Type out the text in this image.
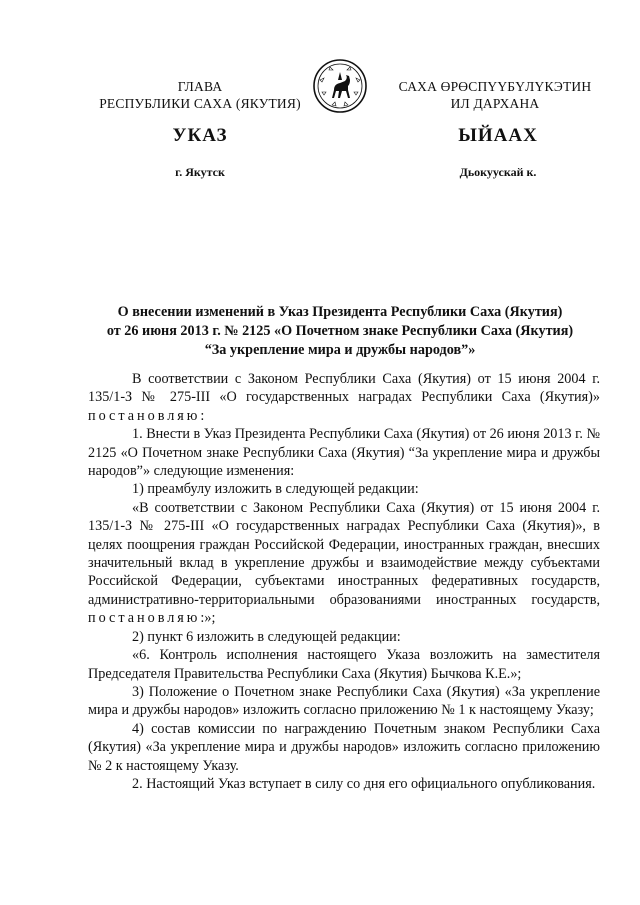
ГЛАВА
РЕСПУБЛИКИ САХА (ЯКУТИЯ)
САХА ӨРӨСПҮҮБҮЛҮКЭТИН
ИЛ ДАРХАНА
УКАЗ	ЫЙААХ
г. Якутск	Дьокуускай к.
О внесении изменений в Указ Президента Республики Саха (Якутия)
от 26 июня 2013 г. № 2125 «О Почетном знаке Республики Саха (Якутия)
“За укрепление мира и дружбы народов”»

В соответствии с Законом Республики Саха (Якутия) от 15 июня 2004 г. 135/1-З № 275-III «О государственных наградах Республики Саха (Якутия)» постановляю:

1. Внести в Указ Президента Республики Саха (Якутия) от 26 июня 2013 г. № 2125 «О Почетном знаке Республики Саха (Якутия) “За укрепление мира и дружбы народов”» следующие изменения:

1) преамбулу изложить в следующей редакции:

«В соответствии с Законом Республики Саха (Якутия) от 15 июня 2004 г. 135/1-З № 275-III «О государственных наградах Республики Саха (Якутия)», в целях поощрения граждан Российской Федерации, иностранных граждан, внесших значительный вклад в укрепление дружбы и взаимодействие между субъектами Российской Федерации, субъектами иностранных федеративных государств, административно-территориальными образованиями иностранных государств, постановляю:»;

2) пункт 6 изложить в следующей редакции:

«6. Контроль исполнения настоящего Указа возложить на заместителя Председателя Правительства Республики Саха (Якутия) Бычкова К.Е.»;

3) Положение о Почетном знаке Республики Саха (Якутия) «За укрепление мира и дружбы народов» изложить согласно приложению № 1 к настоящему Указу;

4) состав комиссии по награждению Почетным знаком Республики Саха (Якутия) «За укрепление мира и дружбы народов» изложить согласно приложению № 2 к настоящему Указу.

2. Настоящий Указ вступает в силу со дня его официального опубликования.
